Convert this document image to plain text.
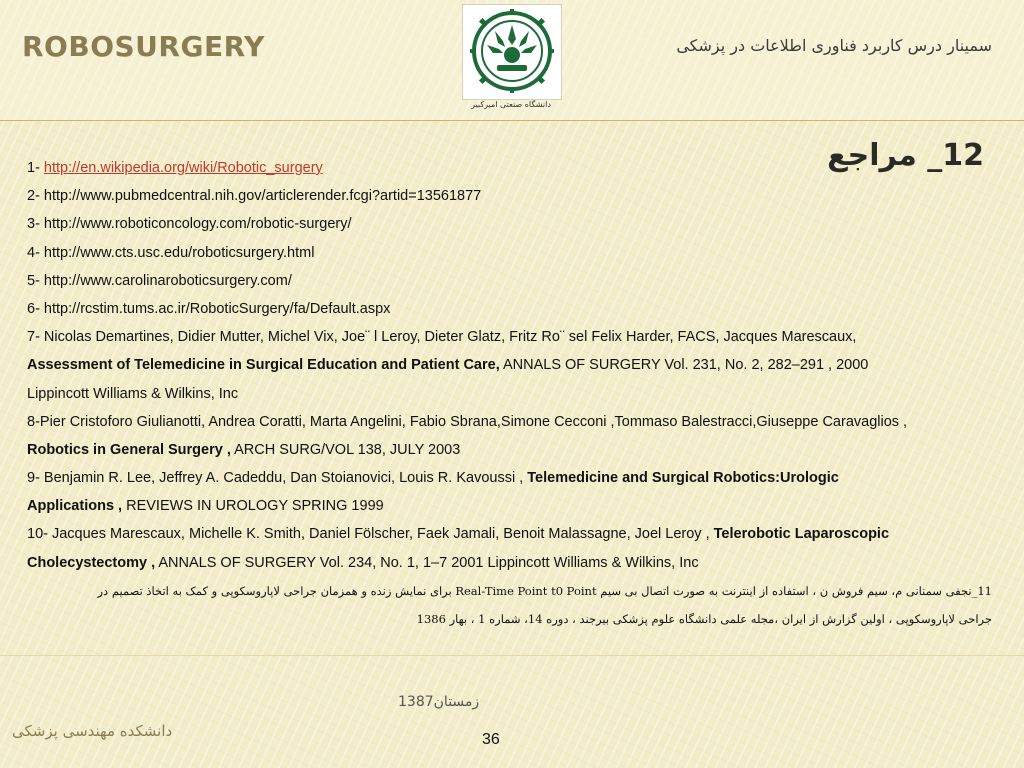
ROBOSURGERY	سمینار درس کاربرد فناوری اطلاعات در پزشکی
دانشگاه صنعتی امیرکبیر
12_ مراجع
1- http://en.wikipedia.org/wiki/Robotic_surgery
2- http://www.pubmedcentral.nih.gov/articlerender.fcgi?artid=13561877
3- http://www.roboticoncology.com/robotic-surgery/
4- http://www.cts.usc.edu/roboticsurgery.html
5- http://www.carolinaroboticsurgery.com/
6- http://rcstim.tums.ac.ir/RoboticSurgery/fa/Default.aspx
7- Nicolas Demartines, Didier Mutter, Michel Vix, Joe¨ l Leroy, Dieter Glatz, Fritz Ro¨ sel Felix Harder, FACS, Jacques Marescaux,
Assessment of Telemedicine in Surgical Education and Patient Care, ANNALS OF SURGERY Vol. 231, No. 2, 282–291 , 2000
Lippincott Williams & Wilkins, Inc
8-Pier Cristoforo Giulianotti, Andrea Coratti, Marta Angelini, Fabio Sbrana,Simone Cecconi ,Tommaso Balestracci,Giuseppe Caravaglios ,
Robotics in General Surgery , ARCH SURG/VOL 138, JULY 2003
9- Benjamin R. Lee, Jeffrey A. Cadeddu, Dan Stoianovici, Louis R. Kavoussi , Telemedicine and Surgical Robotics:Urologic
Applications , REVIEWS IN UROLOGY SPRING 1999
10- Jacques Marescaux, Michelle K. Smith, Daniel Fölscher, Faek Jamali, Benoit Malassagne, Joel Leroy , Telerobotic Laparoscopic
Cholecystectomy , ANNALS OF SURGERY Vol. 234, No. 1, 1–7 2001 Lippincott Williams & Wilkins, Inc
11_نجفی سمنانی م، سیم فروش ن ، استفاده از اینترنت به صورت اتصال بی سیم Real-Time Point t0 Point برای نمایش زنده و همزمان جراحی لاپاروسکوپی و کمک به اتخاذ تصمیم در
جراحی لاپاروسکوپی ، اولین گزارش از ایران ،مجله علمی دانشگاه علوم پزشکی بیرجند ، دوره 14، شماره 1 ، بهار 1386
زمستان1387
دانشکده مهندسی پزشکی	36
